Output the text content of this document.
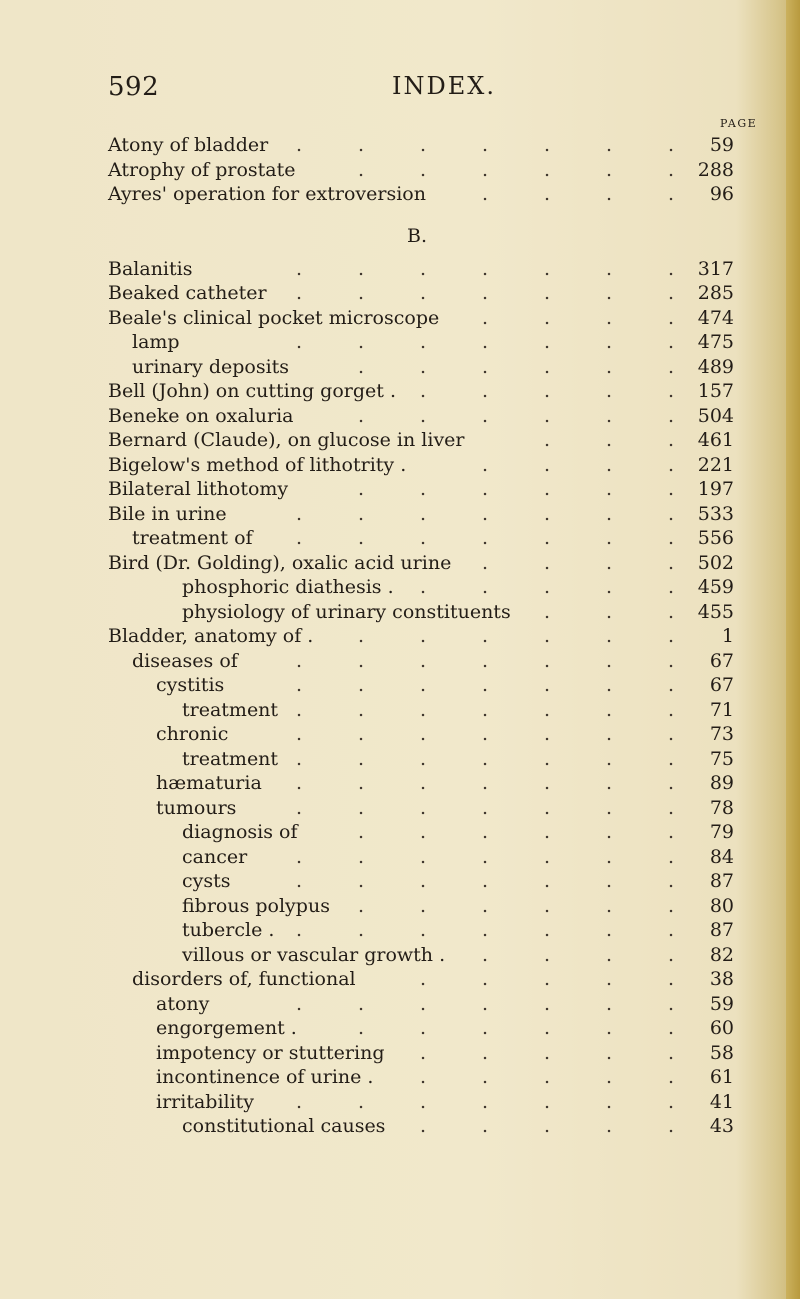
592	INDEX.
PAGE
Atony of bladder	59
.	.	.	.	.	.	.
Atrophy of prostate	288
.	.	.	.	.	.
Ayres' operation for extroversion	96
.	.	.	.
B.
Balanitis	317
.	.	.	.	.	.	.
Beaked catheter	285
.	.	.	.	.	.	.
Beale's clinical pocket microscope	474
.	.	.	.
lamp	475
.	.	.	.	.	.	.
urinary deposits	489
.	.	.	.	.	.
Bell (John) on cutting gorget .	157
.	.	.	.	.
Beneke on oxaluria	504
.	.	.	.	.	.
Bernard (Claude), on glucose in liver	461
.	.	.
Bigelow's method of lithotrity .	221
.	.	.	.
Bilateral lithotomy	197
.	.	.	.	.	.
Bile in urine	533
.	.	.	.	.	.	.
treatment of	556
.	.	.	.	.	.	.
Bird (Dr. Golding), oxalic acid urine	502
.	.	.	.
phosphoric diathesis .	459
.	.	.	.	.
physiology of urinary constituents	455
.	.	.
Bladder, anatomy of .	1
.	.	.	.	.	.
diseases of	67
.	.	.	.	.	.	.
cystitis	67
.	.	.	.	.	.	.
treatment	71
.	.	.	.	.	.	.
chronic	73
.	.	.	.	.	.	.
treatment	75
.	.	.	.	.	.	.
hæmaturia	89
.	.	.	.	.	.	.
tumours	78
.	.	.	.	.	.	.
diagnosis of	79
.	.	.	.	.	.
cancer	84
.	.	.	.	.	.	.
cysts	87
.	.	.	.	.	.	.
fibrous polypus	80
.	.	.	.	.	.
tubercle .	87
.	.	.	.	.	.	.
villous or vascular growth .	82
.	.	.	.
disorders of, functional	38
.	.	.	.	.
atony	59
.	.	.	.	.	.	.
engorgement .	60
.	.	.	.	.	.
impotency or stuttering	58
.	.	.	.	.
incontinence of urine .	61
.	.	.	.	.
irritability	41
.	.	.	.	.	.	.
constitutional causes	43
.	.	.	.	.
